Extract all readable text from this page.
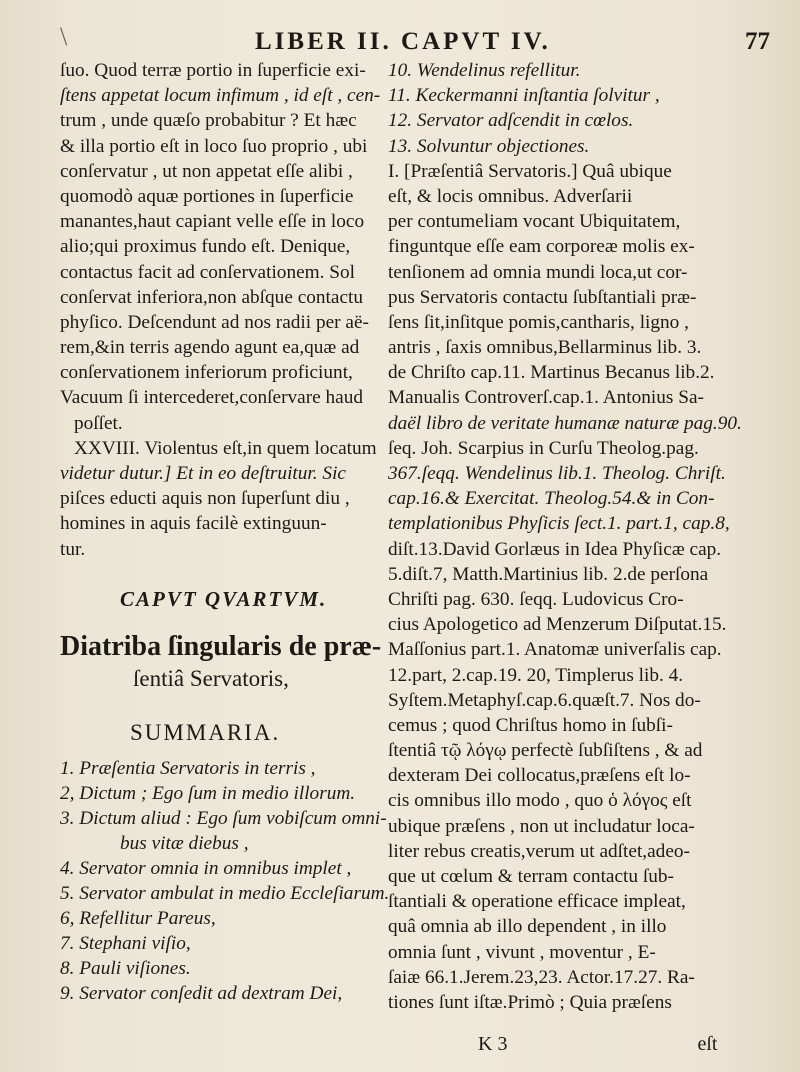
\	LIBER II. CAPVT IV.	77
ſuo. Quod terræ portio in ſuperficie exi-
ſtens appetat locum infimum , id eſt , cen-
trum , unde quæſo probabitur ? Et hæc
& illa portio eſt in loco ſuo proprio , ubi
conſervatur , ut non appetat eſſe alibi ,
quomodò aquæ portiones in ſuperficie
manantes,haut capiant velle eſſe in loco
alio;qui proximus fundo eſt. Denique,
contactus facit ad conſervationem. Sol
conſervat inferiora,non abſque contactu
phyſico. Deſcendunt ad nos radii per aë-
rem,&in terris agendo agunt ea,quæ ad
conſervationem inferiorum proficiunt,
Vacuum ſi intercederet,conſervare haud
poſſet.
XXVIII. Violentus eſt,in quem locatum
videtur dutur.] Et in eo deſtruitur. Sic
piſces educti aquis non ſuperſunt diu ,
homines in aquis facilè extinguun-
tur.
CAPVT QVARTVM.
Diatriba ſingularis de præ-
ſentiâ Servatoris,
SUMMARIA.
1. Præſentia Servatoris in terris ,
2, Dictum ; Ego ſum in medio illorum.
3. Dictum aliud : Ego ſum vobiſcum omni-
bus vitæ diebus ,
4. Servator omnia in omnibus implet ,
5. Servator ambulat in medio Eccleſiarum.
6, Refellitur Pareus,
7. Stephani viſio,
8. Pauli viſiones.
9. Servator conſedit ad dextram Dei,
10. Wendelinus refellitur.
11. Keckermanni inſtantia ſolvitur ,
12. Servator adſcendit in cœlos.
13. Solvuntur objectiones.
I. [Præſentiâ Servatoris.] Quâ ubique
eſt, & locis omnibus. Adverſarii
per contumeliam vocant Ubiquitatem,
finguntque eſſe eam corporeæ molis ex-
tenſionem ad omnia mundi loca,ut cor-
pus Servatoris contactu ſubſtantiali præ-
ſens ſit,inſitque pomis,cantharis, ligno ,
antris , ſaxis omnibus,Bellarminus lib. 3.
de Chriſto cap.11. Martinus Becanus lib.2.
Manualis Controverſ.cap.1. Antonius Sa-
daël libro de veritate humanæ naturæ pag.90.
ſeq. Joh. Scarpius in Curſu Theolog.pag.
367.ſeqq. Wendelinus lib.1. Theolog. Chriſt.
cap.16.& Exercitat. Theolog.54.& in Con-
templationibus Phyſicis ſect.1. part.1, cap.8,
diſt.13.David Gorlæus in Idea Phyſicæ cap.
5.diſt.7, Matth.Martinius lib. 2.de perſona
Chriſti pag. 630. ſeqq. Ludovicus Cro-
cius Apologetico ad Menzerum Diſputat.15.
Maſſonius part.1. Anatomæ univerſalis cap.
12.part, 2.cap.19. 20, Timplerus lib. 4.
Syſtem.Metaphyſ.cap.6.quæſt.7. Nos do-
cemus ; quod Chriſtus homo in ſubſi-
ſtentiâ τῷ λόγῳ perfectè ſubſiſtens , & ad
dexteram Dei collocatus,præſens eſt lo-
cis omnibus illo modo , quo ὁ λόγος eſt
ubique præſens , non ut includatur loca-
liter rebus creatis,verum ut adſtet,adeo-
que ut cœlum & terram contactu ſub-
ſtantiali & operatione efficace impleat,
quâ omnia ab illo dependent , in illo
omnia ſunt , vivunt , moventur , E-
ſaiæ 66.1.Jerem.23,23. Actor.17.27. Ra-
tiones ſunt iſtæ.Primò ; Quia præſens
K 3	eſt
